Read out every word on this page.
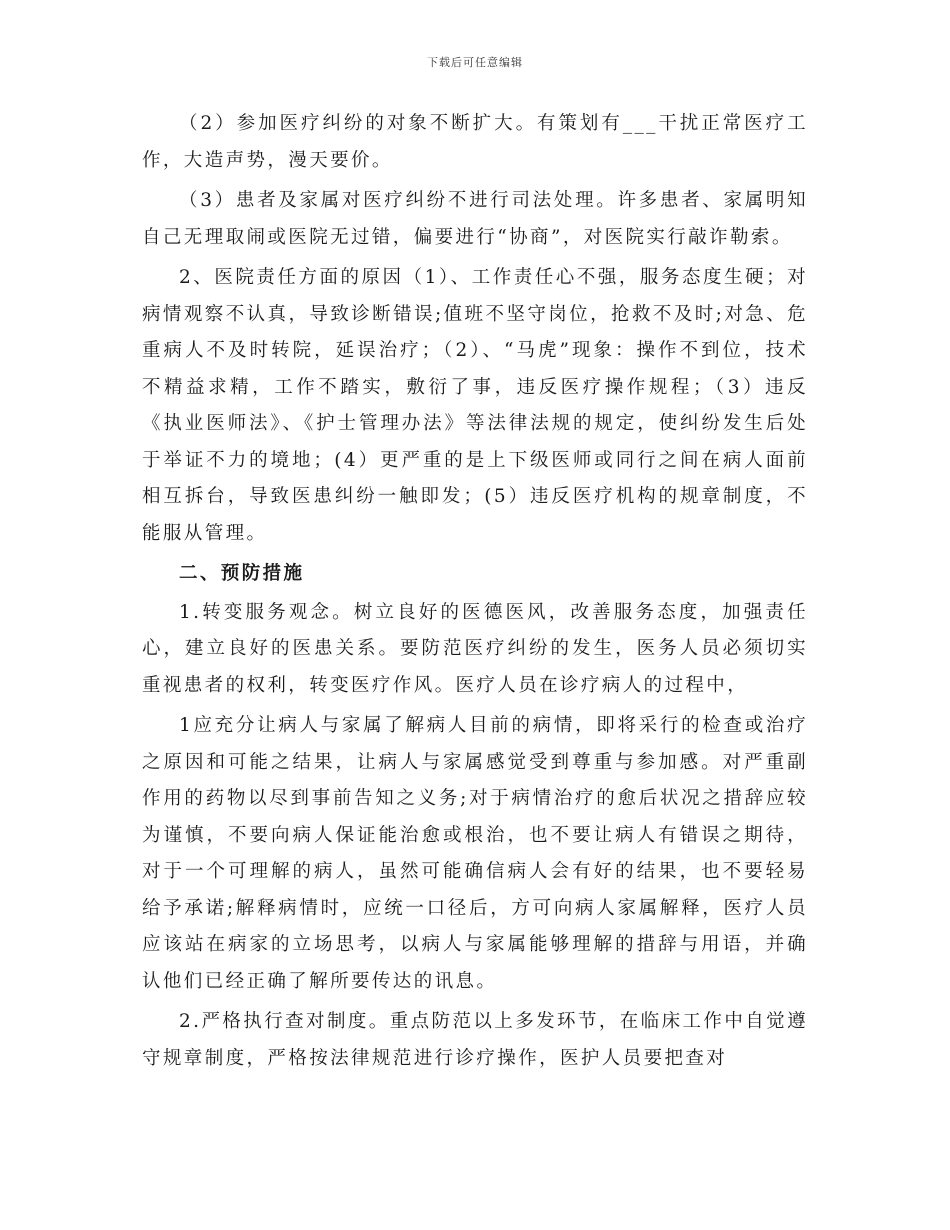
下载后可任意编辑

（2）参加医疗纠纷的对象不断扩大。有策划有___干扰正常医疗工作，大造声势，漫天要价。

（3）患者及家属对医疗纠纷不进行司法处理。许多患者、家属明知自己无理取闹或医院无过错，偏要进行“协商”，对医院实行敲诈勒索。

2、医院责任方面的原因（1）、工作责任心不强，服务态度生硬；对病情观察不认真，导致诊断错误;值班不坚守岗位，抢救不及时;对急、危重病人不及时转院，延误治疗；（2）、“马虎”现象：操作不到位，技术不精益求精，工作不踏实，敷衍了事，违反医疗操作规程；（3）违反《执业医师法》、《护士管理办法》等法律法规的规定，使纠纷发生后处于举证不力的境地；(4）更严重的是上下级医师或同行之间在病人面前相互拆台，导致医患纠纷一触即发；(5）违反医疗机构的规章制度，不能服从管理。

二、预防措施

1.转变服务观念。树立良好的医德医风，改善服务态度，加强责任心，建立良好的医患关系。要防范医疗纠纷的发生，医务人员必须切实重视患者的权利，转变医疗作风。医疗人员在诊疗病人的过程中，

1应充分让病人与家属了解病人目前的病情，即将采行的检查或治疗之原因和可能之结果，让病人与家属感觉受到尊重与参加感。对严重副作用的药物以尽到事前告知之义务;对于病情治疗的愈后状况之措辞应较为谨慎，不要向病人保证能治愈或根治，也不要让病人有错误之期待，对于一个可理解的病人，虽然可能确信病人会有好的结果，也不要轻易给予承诺;解释病情时，应统一口径后，方可向病人家属解释，医疗人员应该站在病家的立场思考，以病人与家属能够理解的措辞与用语，并确认他们已经正确了解所要传达的讯息。

2.严格执行查对制度。重点防范以上多发环节，在临床工作中自觉遵守规章制度，严格按法律规范进行诊疗操作，医护人员要把查对
